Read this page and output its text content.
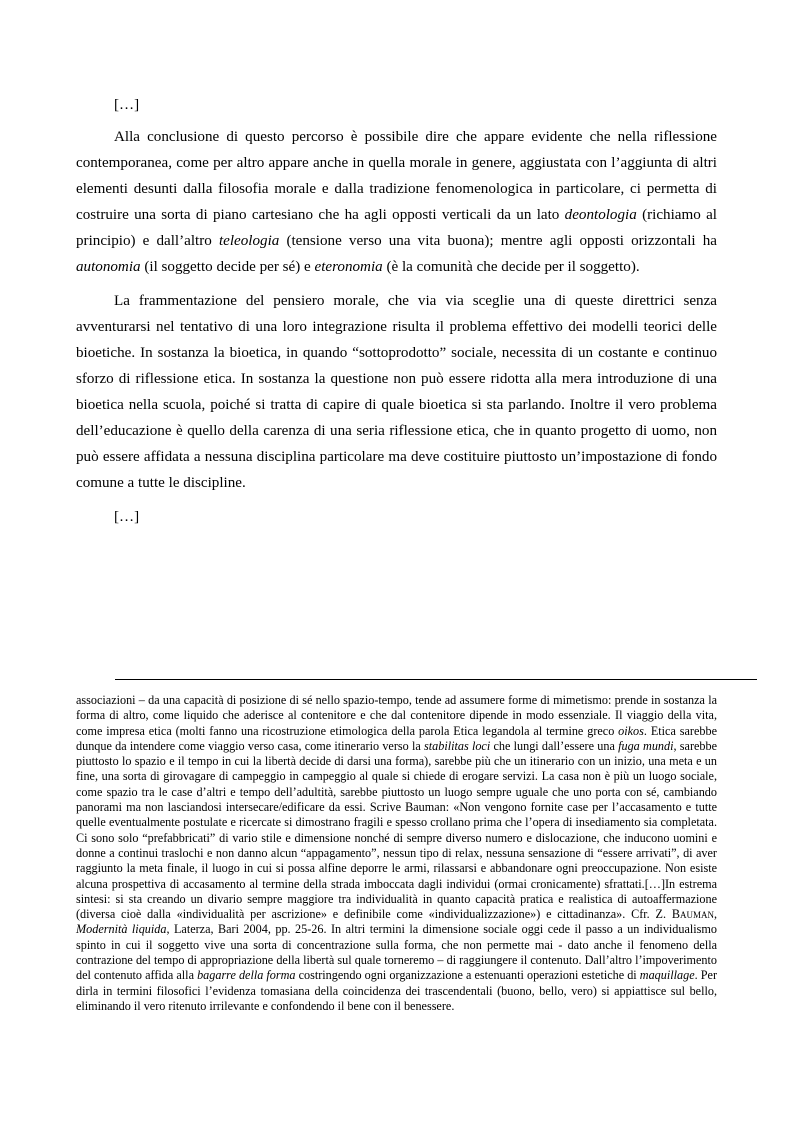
[…]

Alla conclusione di questo percorso è possibile dire che appare evidente che nella riflessione contemporanea, come per altro appare anche in quella morale in genere, aggiustata con l’aggiunta di altri elementi desunti dalla filosofia morale e dalla tradizione fenomenologica in particolare, ci permetta di costruire una sorta di piano cartesiano che ha agli opposti verticali da un lato deontologia (richiamo al principio) e dall’altro teleologia (tensione verso una vita buona); mentre agli opposti orizzontali ha autonomia (il soggetto decide per sé) e eteronomia (è la comunità che decide per il soggetto).

La frammentazione del pensiero morale, che via via sceglie una di queste direttrici senza avventurarsi nel tentativo di una loro integrazione risulta il problema effettivo dei modelli teorici delle bioetiche. In sostanza la bioetica, in quando “sottoprodotto” sociale, necessita di un costante e continuo sforzo di riflessione etica. In sostanza la questione non può essere ridotta alla mera introduzione di una bioetica nella scuola, poiché si tratta di capire di quale bioetica si sta parlando. Inoltre il vero problema dell’educazione è quello della carenza di una seria riflessione etica, che in quanto progetto di uomo, non può essere affidata a nessuna disciplina particolare ma deve costituire piuttosto un’impostazione di fondo comune a tutte le discipline.

[…]

associazioni – da una capacità di posizione di sé nello spazio-tempo, tende ad assumere forme di mimetismo: prende in sostanza la forma di altro, come liquido che aderisce al contenitore e che dal contenitore dipende in modo essenziale. Il viaggio della vita, come impresa etica (molti fanno una ricostruzione etimologica della parola Etica legandola al termine greco oikos. Etica sarebbe dunque da intendere come viaggio verso casa, come itinerario verso la stabilitas loci che lungi dall’essere una fuga mundi, sarebbe piuttosto lo spazio e il tempo in cui la libertà decide di darsi una forma), sarebbe più che un itinerario con un inizio, una meta e un fine, una sorta di girovagare di campeggio in campeggio al quale si chiede di erogare servizi. La casa non è più un luogo sociale, come spazio tra le case d’altri e tempo dell’adultità, sarebbe piuttosto un luogo sempre uguale che uno porta con sé, cambiando panorami ma non lasciandosi intersecare/edificare da essi. Scrive Bauman: «Non vengono fornite case per l’accasamento e tutte quelle eventualmente postulate e ricercate si dimostrano fragili e spesso crollano prima che l’opera di insediamento sia completata. Ci sono solo “prefabbricati” di vario stile e dimensione nonché di sempre diverso numero e dislocazione, che inducono uomini e donne a continui traslochi e non danno alcun “appagamento”, nessun tipo di relax, nessuna sensazione di “essere arrivati”, di aver raggiunto la meta finale, il luogo in cui si possa alfine deporre le armi, rilassarsi e abbandonare ogni preoccupazione. Non esiste alcuna prospettiva di accasamento al termine della strada imboccata dagli individui (ormai cronicamente) sfrattati.[…]In estrema sintesi: si sta creando un divario sempre maggiore tra individualità in quanto capacità pratica e realistica di autoaffermazione (diversa cioè dalla «individualità per ascrizione» e definibile come «individualizzazione») e cittadinanza». Cfr. Z. Bauman, Modernità liquida, Laterza, Bari 2004, pp. 25-26. In altri termini la dimensione sociale oggi cede il passo a un individualismo spinto in cui il soggetto vive una sorta di concentrazione sulla forma, che non permette mai - dato anche il fenomeno della contrazione del tempo di appropriazione della libertà sul quale torneremo – di raggiungere il contenuto. Dall’altro l’impoverimento del contenuto affida alla bagarre della forma costringendo ogni organizzazione a estenuanti operazioni estetiche di maquillage. Per dirla in termini filosofici l’evidenza tomasiana della coincidenza dei trascendentali (buono, bello, vero) si appiattisce sul bello, eliminando il vero ritenuto irrilevante e confondendo il bene con il benessere.
